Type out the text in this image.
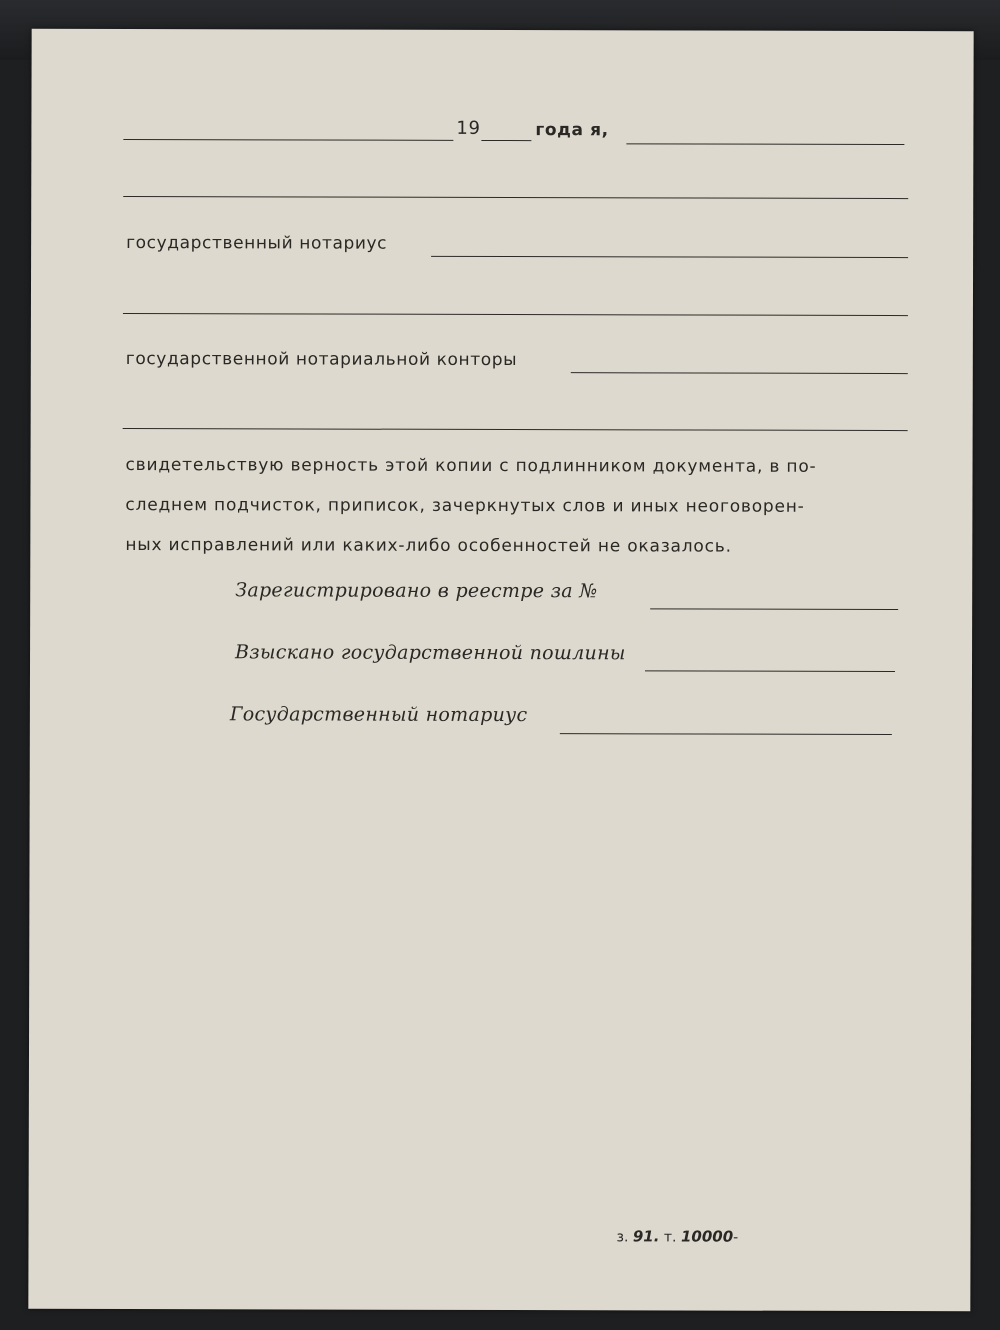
19	года я,
государственный нотариус
государственной нотариальной конторы
свидетельствую верность этой копии с подлинником документа, в по-
следнем подчисток, приписок, зачеркнутых слов и иных неоговорен-
ных исправлений или каких-либо особенностей не оказалось.
Зарегистрировано в реестре за №
Взыскано государственной пошлины
Государственный нотариус
з. 91. т. 10000-
